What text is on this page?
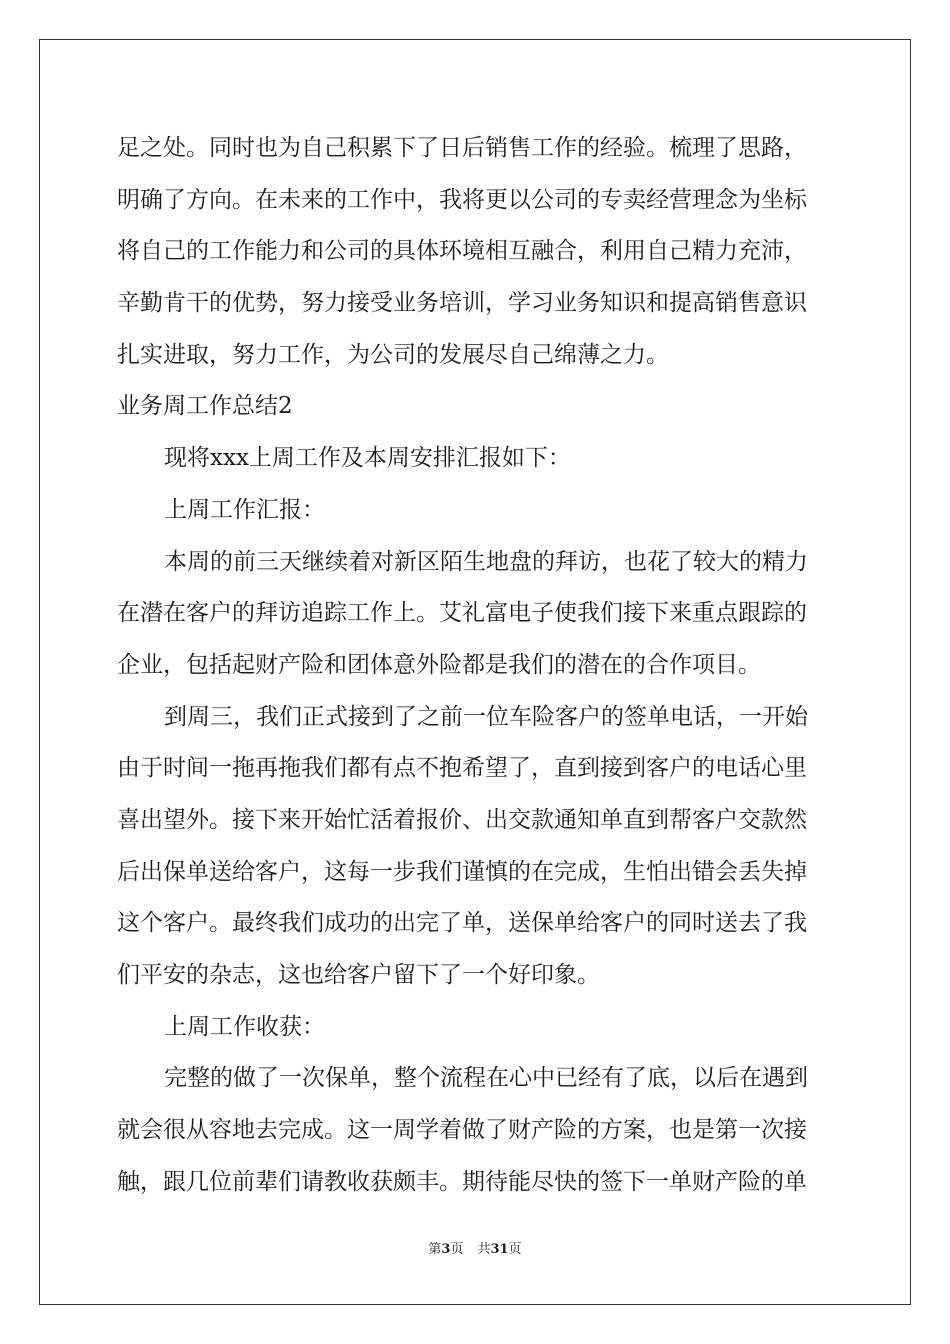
足之处。同时也为自己积累下了日后销售工作的经验。梳理了思路，
明确了方向。在未来的工作中，我将更以公司的专卖经营理念为坐标
将自己的工作能力和公司的具体环境相互融合，利用自己精力充沛，
辛勤肯干的优势，努力接受业务培训，学习业务知识和提高销售意识
扎实进取，努力工作，为公司的发展尽自己绵薄之力。
业务周工作总结2
现将xxx上周工作及本周安排汇报如下：
上周工作汇报：
本周的前三天继续着对新区陌生地盘的拜访，也花了较大的精力
在潜在客户的拜访追踪工作上。艾礼富电子使我们接下来重点跟踪的
企业，包括起财产险和团体意外险都是我们的潜在的合作项目。
到周三，我们正式接到了之前一位车险客户的签单电话，一开始
由于时间一拖再拖我们都有点不抱希望了，直到接到客户的电话心里
喜出望外。接下来开始忙活着报价、出交款通知单直到帮客户交款然
后出保单送给客户，这每一步我们谨慎的在完成，生怕出错会丢失掉
这个客户。最终我们成功的出完了单，送保单给客户的同时送去了我
们平安的杂志，这也给客户留下了一个好印象。
上周工作收获：
完整的做了一次保单，整个流程在心中已经有了底，以后在遇到
就会很从容地去完成。这一周学着做了财产险的方案，也是第一次接
触，跟几位前辈们请教收获颇丰。期待能尽快的签下一单财产险的单
第3页 共31页
